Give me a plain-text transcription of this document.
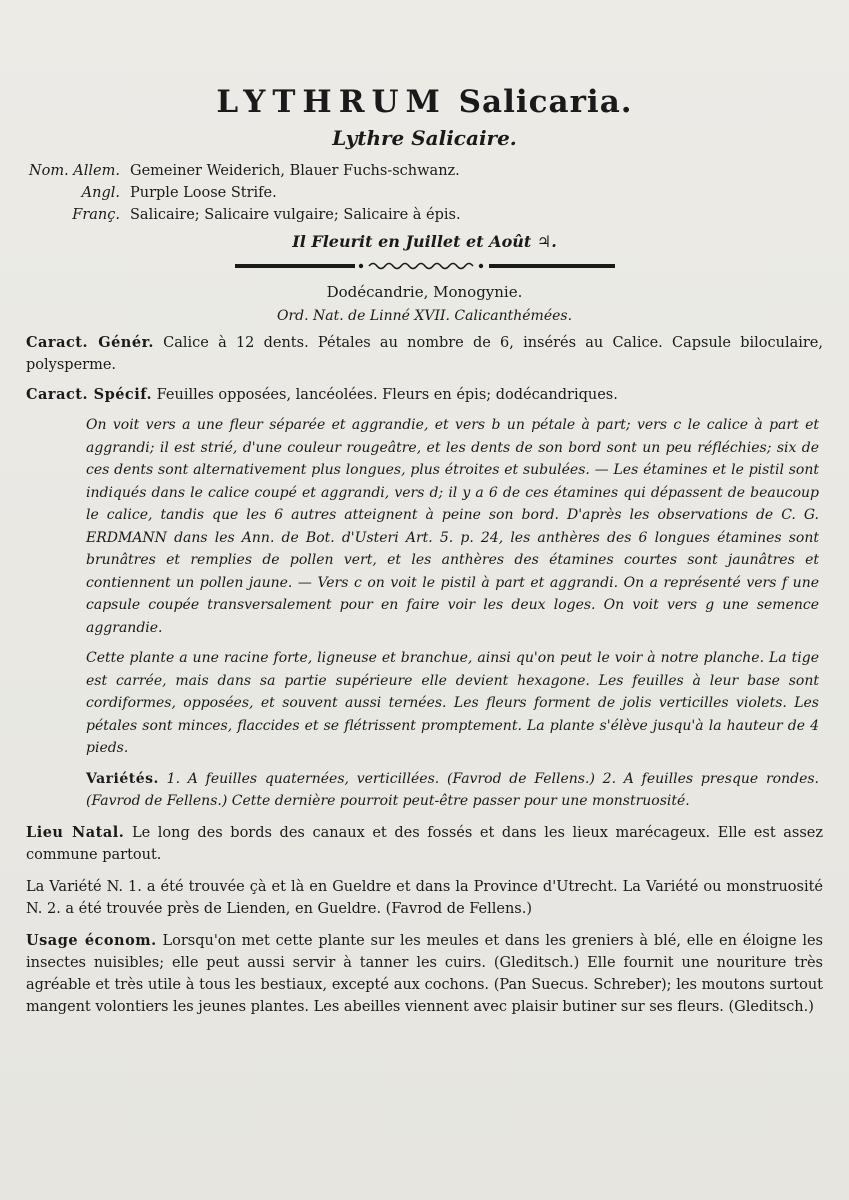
LYTHRUM Salicaria.
Lythre Salicaire.
Nom. Allem. Gemeiner Weiderich, Blauer Fuchs-schwanz.
Angl. Purple Loose Strife.
Franç. Salicaire; Salicaire vulgaire; Salicaire à épis.
Il Fleurit en Juillet et Août ♃.
Dodécandrie, Monogynie.
Ord. Nat. de Linné XVII. Calicanthémées.
Caract. Génér. Calice à 12 dents. Pétales au nombre de 6, insérés au Calice. Capsule biloculaire, polysperme.
Caract. Spécif. Feuilles opposées, lancéolées. Fleurs en épis; dodécandriques.
On voit vers a une fleur séparée et aggrandie, et vers b un pétale à part; vers c le calice à part et aggrandi; il est strié, d'une couleur rougeâtre, et les dents de son bord sont un peu réfléchies; six de ces dents sont alternativement plus longues, plus étroites et subulées. — Les étamines et le pistil sont indiqués dans le calice coupé et aggrandi, vers d; il y a 6 de ces étamines qui dépassent de beaucoup le calice, tandis que les 6 autres atteignent à peine son bord. D'après les observations de C. G. ERDMANN dans les Ann. de Bot. d'Usteri Art. 5. p. 24, les anthères des 6 longues étamines sont brunâtres et remplies de pollen vert, et les anthères des étamines courtes sont jaunâtres et contiennent un pollen jaune. — Vers c on voit le pistil à part et aggrandi. On a représenté vers f une capsule coupée transversalement pour en faire voir les deux loges. On voit vers g une semence aggrandie.
Cette plante a une racine forte, ligneuse et branchue, ainsi qu'on peut le voir à notre planche. La tige est carrée, mais dans sa partie supérieure elle devient hexagone. Les feuilles à leur base sont cordiformes, opposées, et souvent aussi ternées. Les fleurs forment de jolis verticilles violets. Les pétales sont minces, flaccides et se flétrissent promptement. La plante s'élève jusqu'à la hauteur de 4 pieds.
Variétés. 1. A feuilles quaternées, verticillées. (Favrod de Fellens.) 2. A feuilles presque rondes. (Favrod de Fellens.) Cette dernière pourroit peut-être passer pour une monstruosité.
Lieu Natal. Le long des bords des canaux et des fossés et dans les lieux marécageux. Elle est assez commune partout.
La Variété N. 1. a été trouvée çà et là en Gueldre et dans la Province d'Utrecht. La Variété ou monstruosité N. 2. a été trouvée près de Lienden, en Gueldre. (Favrod de Fellens.)
Usage économ. Lorsqu'on met cette plante sur les meules et dans les greniers à blé, elle en éloigne les insectes nuisibles; elle peut aussi servir à tanner les cuirs. (Gleditsch.) Elle fournit une nouriture très agréable et très utile à tous les bestiaux, excepté aux cochons. (Pan Suecus. Schreber); les moutons surtout mangent volontiers les jeunes plantes. Les abeilles viennent avec plaisir butiner sur ses fleurs. (Gleditsch.)
